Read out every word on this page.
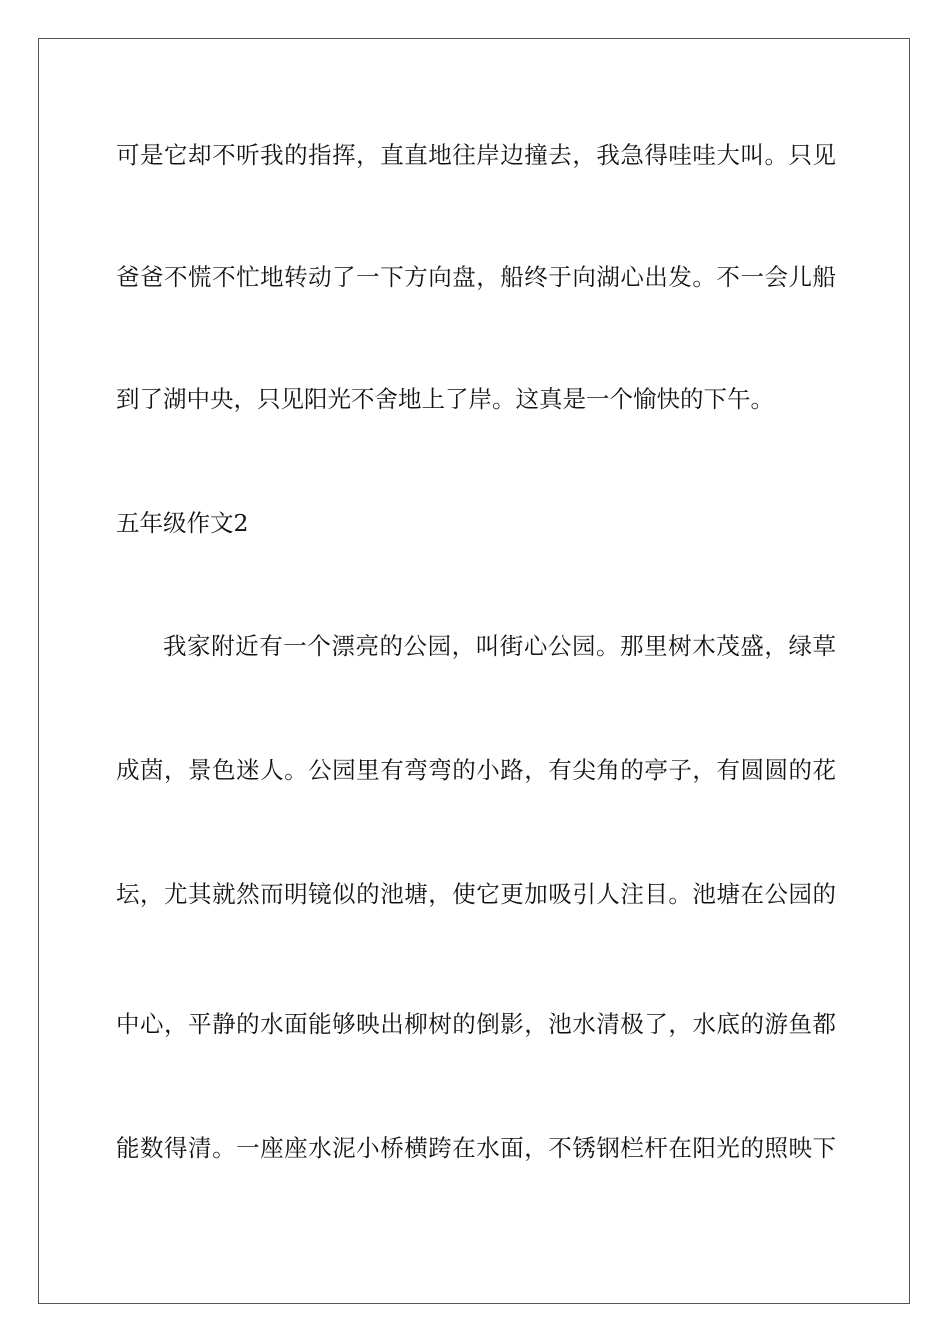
可是它却不听我的指挥，直直地往岸边撞去，我急得哇哇大叫。只见
爸爸不慌不忙地转动了一下方向盘，船终于向湖心出发。不一会儿船
到了湖中央，只见阳光不舍地上了岸。这真是一个愉快的下午。
五年级作文2
我家附近有一个漂亮的公园，叫街心公园。那里树木茂盛，绿草
成茵，景色迷人。公园里有弯弯的小路，有尖角的亭子，有圆圆的花
坛，尤其就然而明镜似的池塘，使它更加吸引人注目。池塘在公园的
中心，平静的水面能够映出柳树的倒影，池水清极了，水底的游鱼都
能数得清。一座座水泥小桥横跨在水面，不锈钢栏杆在阳光的照映下
